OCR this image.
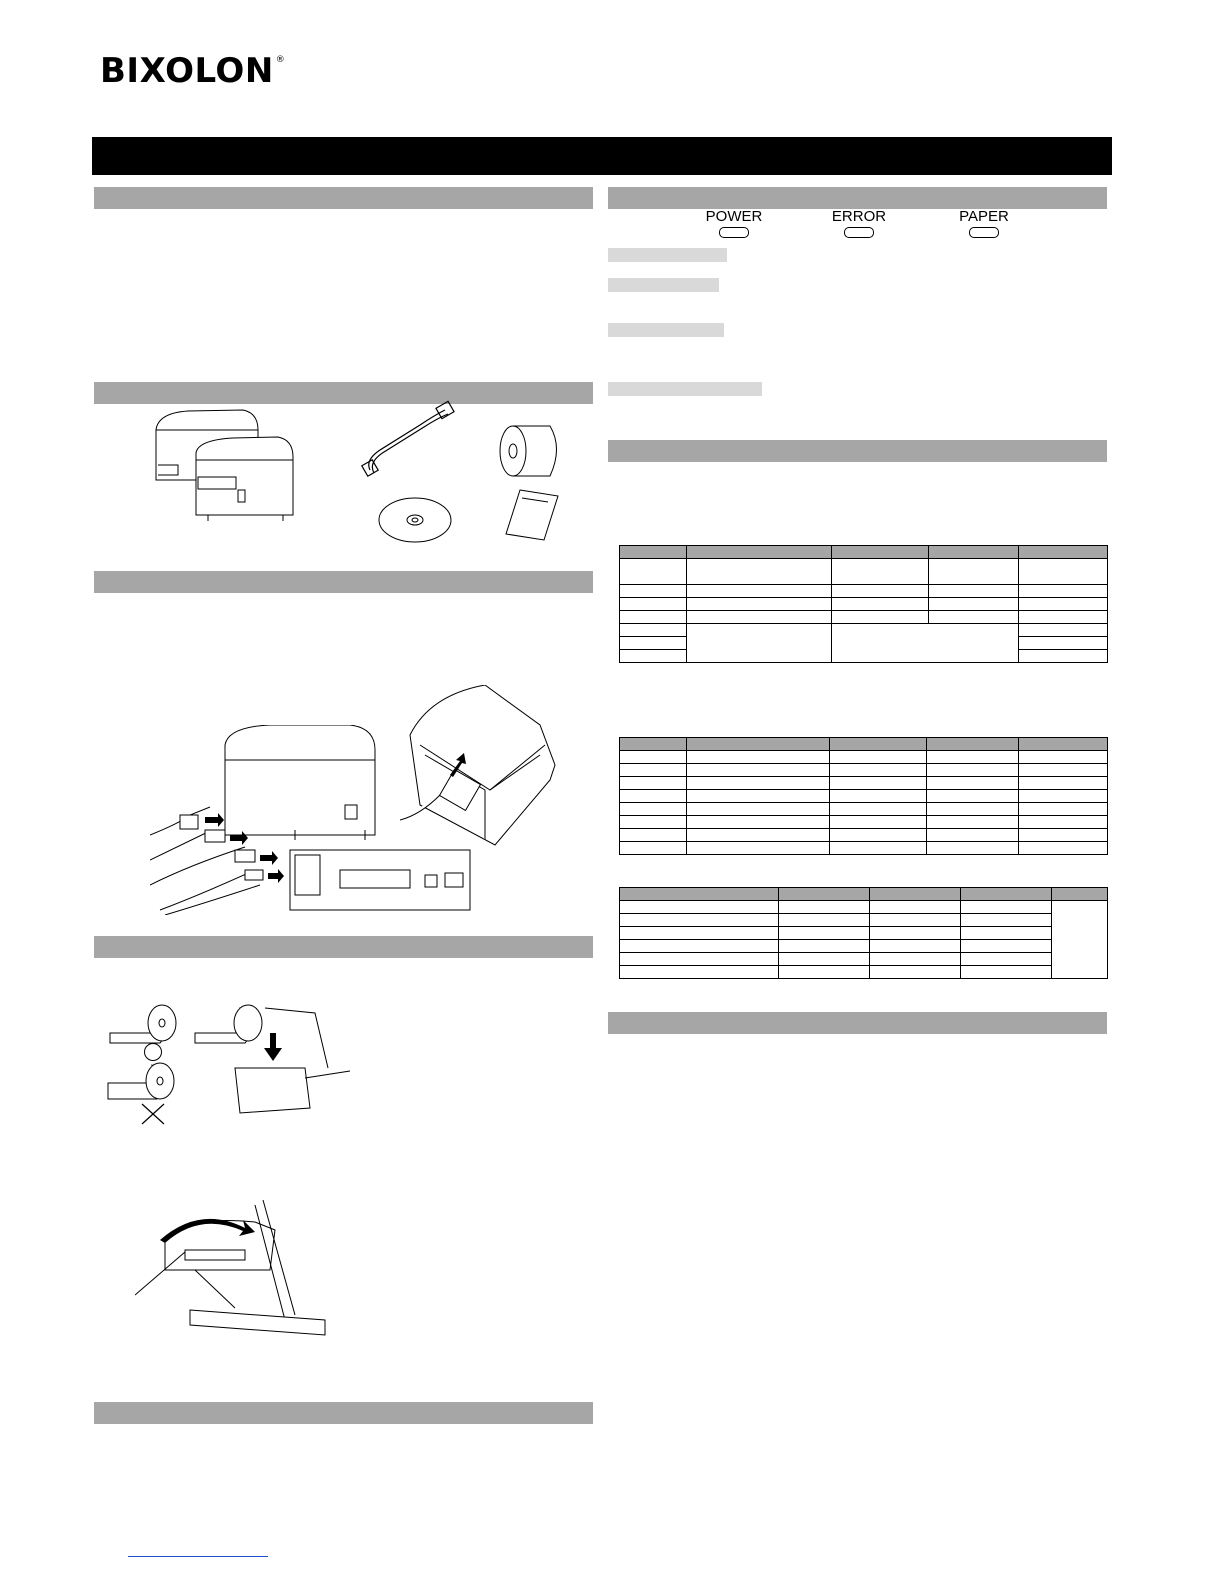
BIXOLON ®
POWER	ERROR	PAPER
